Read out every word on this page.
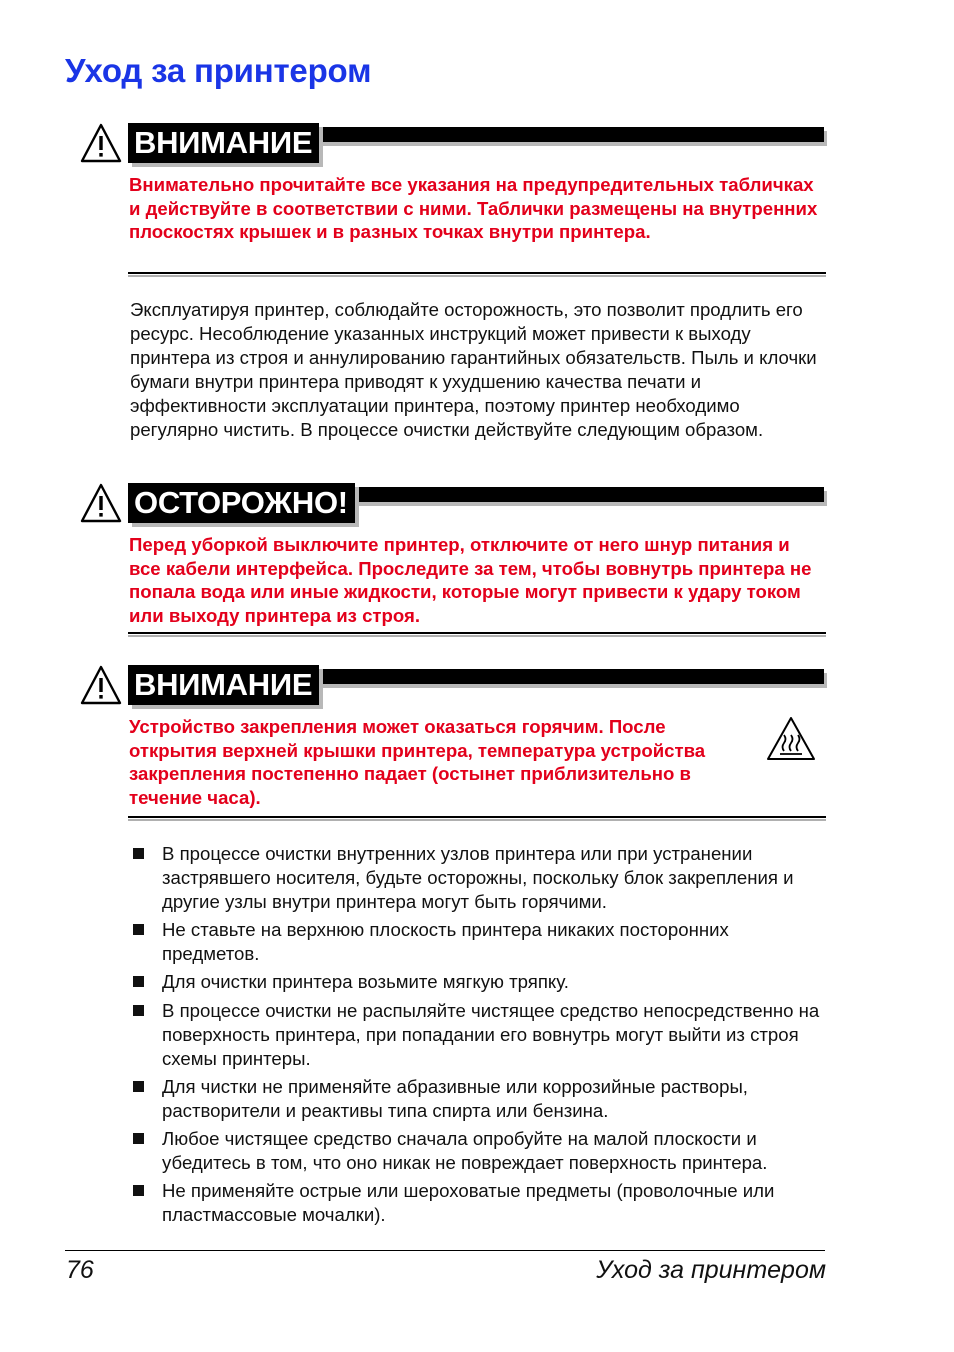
Уход за принтером
ВНИМАНИЕ

Внимательно прочитайте все указания на предупредительных табличках и действуйте в соответствии с ними. Таблички размещены на внутренних плоскостях крышек и в разных точках внутри принтера.

Эксплуатируя принтер, соблюдайте осторожность, это позволит продлить его ресурс. Несоблюдение указанных инструкций может привести к выходу принтера из строя и аннулированию гарантийных обязательств. Пыль и клочки бумаги внутри принтера приводят к ухудшению качества печати и эффективности эксплуатации принтера, поэтому принтер необходимо регулярно чистить. В процессе очистки действуйте следующим образом.

ОСТОРОЖНО!

Перед уборкой выключите принтер, отключите от него шнур питания и все кабели интерфейса. Проследите за тем, чтобы вовнутрь принтера не попала вода или иные жидкости, которые могут привести к удару током или выходу принтера из строя.

ВНИМАНИЕ

Устройство закрепления может оказаться горячим. После открытия верхней крышки принтера, температура устройства закрепления постепенно падает (остынет приблизительно в течение часа).

В процессе очистки внутренних узлов принтера или при устранении застрявшего носителя, будьте осторожны, поскольку блок закрепления и другие узлы внутри принтера могут быть горячими.
Не ставьте на верхнюю плоскость принтера никаких посторонних предметов.
Для очистки принтера возьмите мягкую тряпку.
В процессе очистки не распыляйте чистящее средство непосредственно на поверхность принтера, при попадании его вовнутрь могут выйти из строя схемы принтеры.
Для чистки не применяйте абразивные или коррозийные растворы, растворители и реактивы типа спирта или бензина.
Любое чистящее средство сначала опробуйте на малой плоскости и убедитесь в том, что оно никак не повреждает поверхность принтера.
Не применяйте острые или шероховатые предметы (проволочные или пластмассовые мочалки).
76	Уход за принтером
